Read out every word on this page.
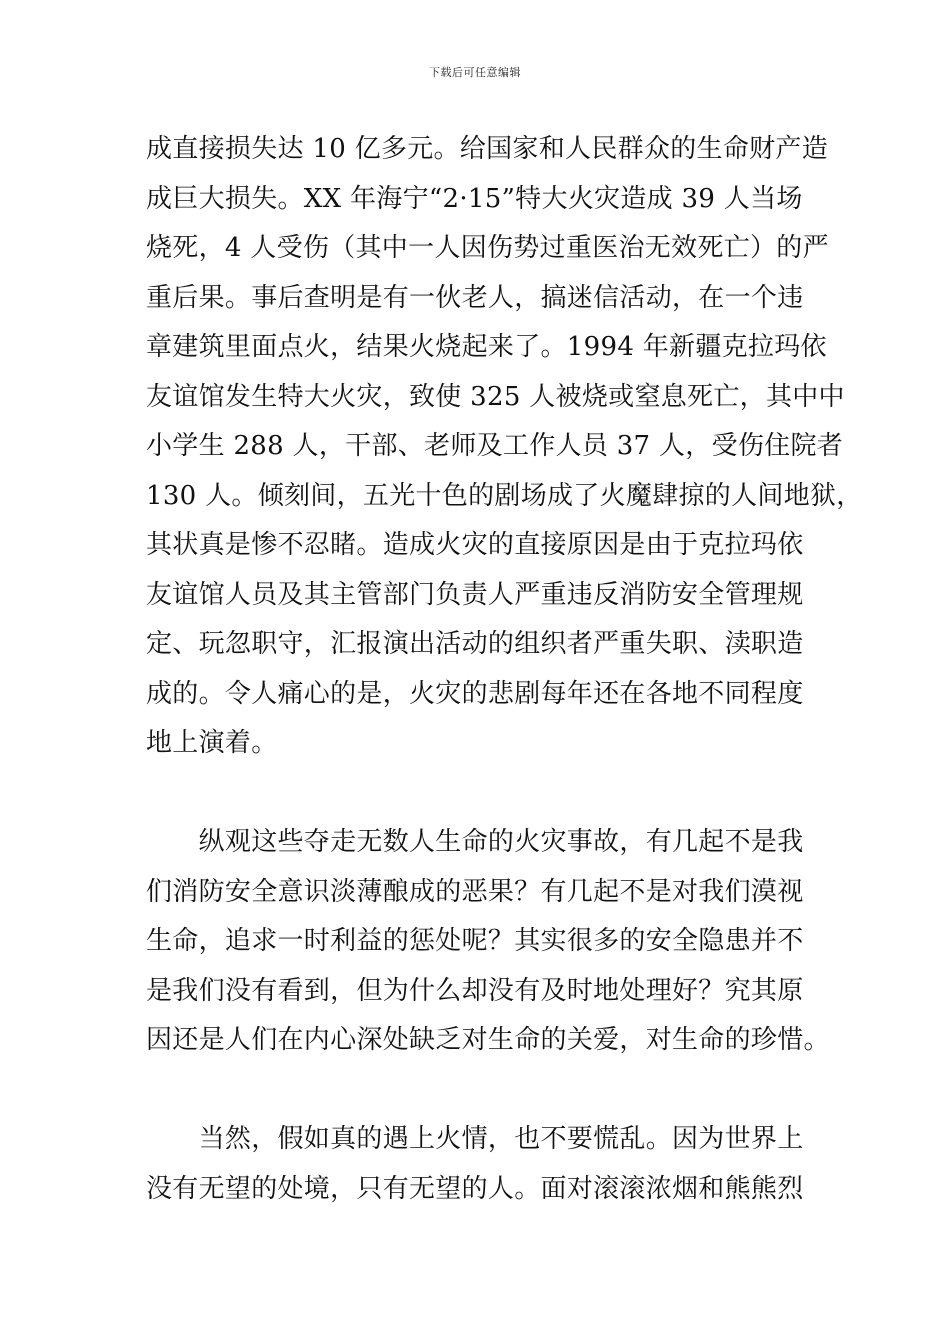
下载后可任意编辑
成直接损失达 10 亿多元。给国家和人民群众的生命财产造
成巨大损失。XX 年海宁“2·15”特大火灾造成 39 人当场
烧死，4 人受伤（其中一人因伤势过重医治无效死亡）的严
重后果。事后查明是有一伙老人，搞迷信活动，在一个违
章建筑里面点火，结果火烧起来了。1994 年新疆克拉玛依
友谊馆发生特大火灾，致使 325 人被烧或窒息死亡，其中中
小学生 288 人，干部、老师及工作人员 37 人，受伤住院者
130 人。倾刻间，五光十色的剧场成了火魔肆掠的人间地狱，
其状真是惨不忍睹。造成火灾的直接原因是由于克拉玛依
友谊馆人员及其主管部门负责人严重违反消防安全管理规
定、玩忽职守，汇报演出活动的组织者严重失职、渎职造
成的。令人痛心的是，火灾的悲剧每年还在各地不同程度
地上演着。
　　纵观这些夺走无数人生命的火灾事故，有几起不是我
们消防安全意识淡薄酿成的恶果？有几起不是对我们漠视
生命，追求一时利益的惩处呢？其实很多的安全隐患并不
是我们没有看到，但为什么却没有及时地处理好？究其原
因还是人们在内心深处缺乏对生命的关爱，对生命的珍惜。
　　当然，假如真的遇上火情，也不要慌乱。因为世界上
没有无望的处境，只有无望的人。面对滚滚浓烟和熊熊烈
